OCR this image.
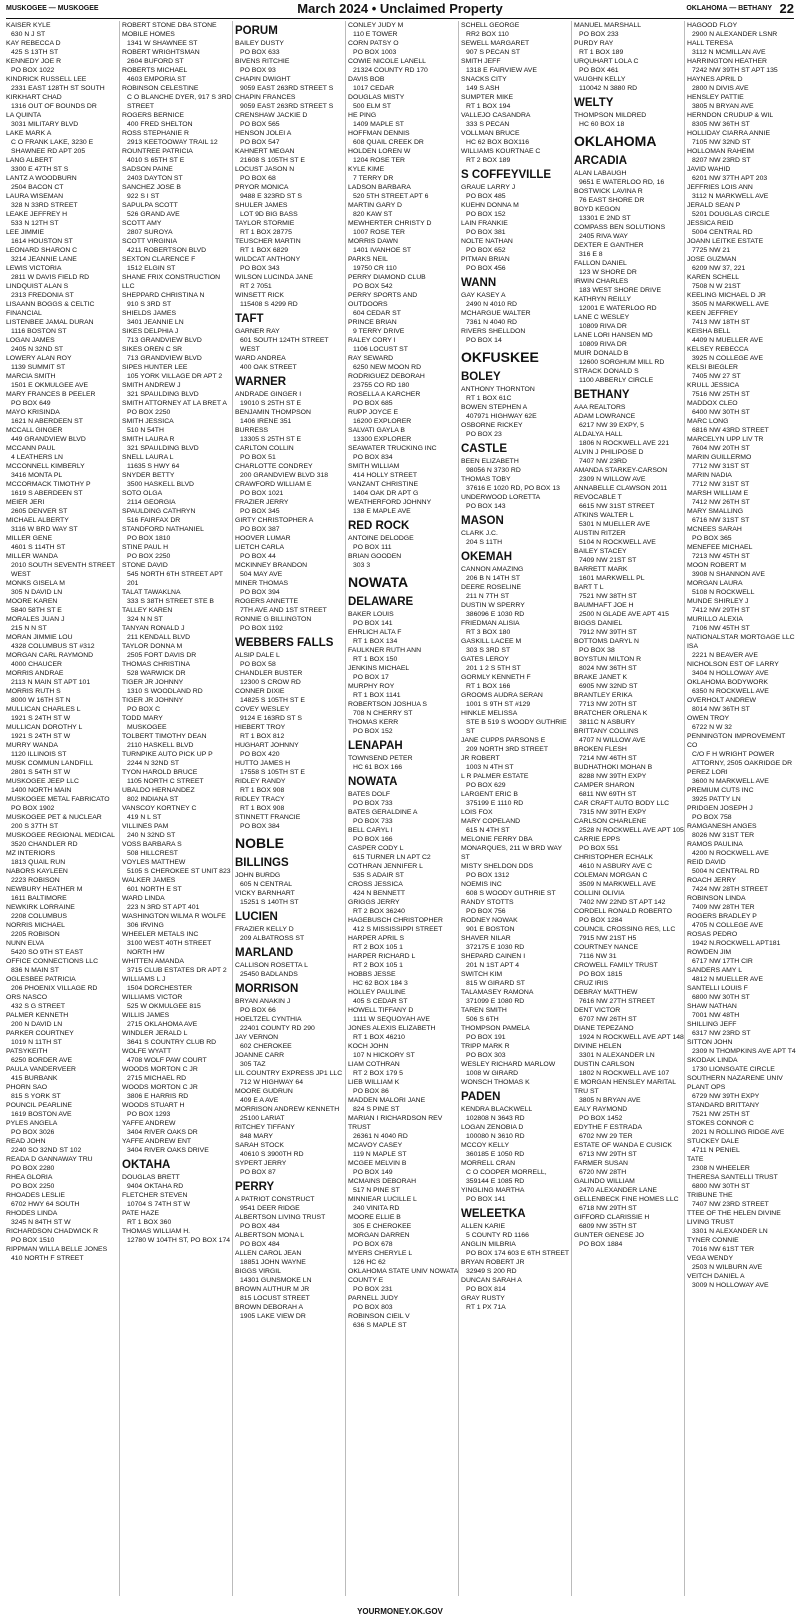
MUSKOGEE — MUSKOGEE	March 2024 • Unclaimed Property	OKLAHOMA — BETHANY 22
KAISER KYLE
630 N J ST
KAY REBECCA D
425 S 13TH ST
KENNEDY JOE R
PO BOX 1022
KINDRICK RUSSELL LEE
2331 EAST 128TH ST SOUTH
KIRKHART CHAD
1316 OUT OF BOUNDS DR
LA QUINTA
3031 MILITARY BLVD
LAKE MARK A
C O FRANK LAKE, 3230 E SHAWNEE RD APT 205
LANG ALBERT
3300 E 47TH ST S
LANTZ A WOODBURN
2504 BACON CT
LAURA WISEMAN
328 N 33RD STREET
LEAKE JEFFREY H
533 N 12TH ST
LEE JIMMIE
1614 HOUSTON ST
LEONARD SHARON C
3214 JEANNIE LANE
LEWIS VICTORIA
2811 W DAVIS FIELD RD
LINDQUIST ALAN S
2313 FREDONIA ST
LISAANN BOGGS & CELTIC FINANCIAL
LISTENBEE JAMAL DURAN
1116 BOSTON ST
LOGAN JAMES
2405 N 32ND ST
LOWERY ALAN ROY
1139 SUMMIT ST
MARCIA SMITH
1501 E OKMULGEE AVE
MARY FRANCES B PEELER
PO BOX 649
MAYO KRISINDA
1621 N ABERDEEN ST
MCCALL GINGER
449 GRANDVIEW BLVD
MCCANN PAUL
4 LEATHERS LN
MCCONNELL KIMBERLY
3416 MONTA PL
MCCORMACK TIMOTHY P
1619 S ABERDEEN ST
MEIER JERI
2605 DENVER ST
MICHAEL ALBERTY
3116 W BRD WAY ST
MILLER GENE
4601 S 114TH ST
MILLER WANDA
2010 SOUTH SEVENTH STREET WEST
MONKS GISELA M
305 N DAVID LN
MOORE KAREN
5840 58TH ST E
MORALES JUAN J
215 N N ST
MORAN JIMMIE LOU
4328 COLUMBUS ST #312
MORGAN CARL RAYMOND
4000 CHAUCER
MORRIS ANDRAE
2113 N MAIN ST APT 101
MORRIS RUTH S
8000 W 16TH ST N
MULLICAN CHARLES L
1921 S 24TH ST W
MULLICAN DOROTHY L
1921 S 24TH ST W
MURRY WANDA
1120 ILLINOIS ST
MUSK COMMUN LANDFILL
2801 S 54TH ST W
MUSKOGEE JEEP LLC
1400 NORTH MAIN
MUSKOGEE METAL FABRICATO
PO BOX 1902
MUSKOGEE PET & NUCLEAR
200 S 37TH ST
MUSKOGEE REGIONAL MEDICAL
3520 CHANDLER RD
MZ INTERIORS
1813 QUAIL RUN
NABORS KAYLEEN
2223 ROBISON
NEWBURY HEATHER M
1611 BALTIMORE
NEWKIRK LORRAINE
2208 COLUMBUS
NORRIS MICHAEL
2205 ROBISON
NUNN ELVA
5420 SO 9TH ST EAST
OFFICE CONNECTIONS LLC
836 N MAIN ST
OGLESBEE PATRICIA
206 PHOENIX VILLAGE RD
ORS NASCO
432 S G STREET
PALMER KENNETH
200 N DAVID LN
PARKER COURTNEY
1019 N 11TH ST
PATSYKEITH
6250 BORDER AVE
PAULA VANDERVEER
415 BURBANK
PHORN SAO
815 S YORK ST
POUNCIL PEARLINE
1619 BOSTON AVE
PYLES ANGELA
PO BOX 3026
READ JOHN
2240 SO 32ND ST 102
READA D GANNAWAY TRU
PO BOX 2280
RHEA GLORIA
PO BOX 2250
RHOADES LESLIE
6702 HWY 64 SOUTH
RHODES LINDA
3245 N 84TH ST W
RICHARDSON CHADWICK R
PO BOX 1510
RIPPMAN WILLA BELLE JONES
410 NORTH F STREET
ROBERT STONE DBA STONE MOBILE HOMES
1341 W SHAWNEE ST
ROBERT WRIGHTSMAN
2604 BUFORD ST
ROBERTS MICHAEL
4603 EMPORIA ST
ROBINSON CELESTINE
C O BLANCHE DYER, 917 S 3RD STREET
ROGERS BERNICE
400 FRED SHELTON
ROSS STEPHANIE R
2913 KEETOOWAY TRAIL 12
ROUNTREE PATRICIA
4010 S 65TH ST E
SADSON PAINE
2403 DAYTON ST
SANCHEZ JOSE B
922 S I ST
SAPULPA SCOTT
526 GRAND AVE
SCOTT AMY
2807 SUROYA
SCOTT VIRGINIA
4211 ROBERTSON BLVD
SEXTON CLARENCE F
1512 ELGIN ST
SHANE FRIX CONSTRUCTION LLC
SHEPPARD CHRISTINA N
910 S 3RD ST
SHIELDS JAMES
3401 JEANNIE LN
SIKES DELPHIA J
713 GRANDVIEW BLVD
SIKES OREN C SR
713 GRANDVIEW BLVD
SIPES HUNTER LEE
105 YORK VILLAGE DR APT 2
SMITH ANDREW J
321 SPAULDING BLVD
SMITH ATTORNEY AT LA BRET A
PO BOX 2250
SMITH JESSICA
510 N 54TH
SMITH LAURA R
321 SPAULDING BLVD
SNELL LAURA L
11635 S HWY 64
SNYDER BETTY
3500 HASKELL BLVD
SOTO OLGA
2114 GEORGIA
SPAULDING CATHRYN
516 FAIRFAX DR
STANDFORD NATHANIEL
PO BOX 1810
STINE PAUL H
PO BOX 2250
STONE DAVID
545 NORTH 6TH STREET APT 201
TALAT TAWAKLNA
333 S 38TH STREET STE B
TALLEY KAREN
324 N N ST
TANYAN RONALD J
211 KENDALL BLVD
TAYLOR DONNA M
2505 FORT DAVIS DR
THOMAS CHRISTINA
528 WARWICK DR
TIGER JR JOHNNY
1310 S WOODLAND RD
TIGER JR JOHNNY
PO BOX C
TODD MARY
MUSKOGEE
TOLBERT TIMOTHY DEAN
2110 HASKELL BLVD
TURNPIKE AUTO PICK UP P
2244 N 32ND ST
TYON HAROLD BRUCE
1105 NORTH C STREET
UBALDO HERNANDEZ
802 INDIANA ST
VANSCOY KORTNEY C
419 N L ST
VILLINES PAM
240 N 32ND ST
VOSS BARBARA S
508 HILLCREST
VOYLES MATTHEW
5105 S CHEROKEE ST UNIT 823
WALKER JAMES
601 NORTH E ST
WARD LINDA
223 N 3RD ST APT 401
WASHINGTON WILMA R WOLFE
306 IRVING
WHEELER METALS INC
3100 WEST 40TH STREET NORTH HW
WHITTEN AMANDA
3715 CLUB ESTATES DR APT 2
WILLIAMS L J
1504 DORCHESTER
WILLIAMS VICTOR
525 W OKMULGEE 815
WILLIS JAMES
2715 OKLAHOMA AVE
WINDLER JERALD L
3641 S COUNTRY CLUB RD
WOLFE WYATT
4708 WOLF PAW COURT
WOODS MORTON C JR
2715 MICHAEL RD
WOODS MORTON C JR
3806 E HARRIS RD
WOODS STUART H
PO BOX 1293
YAFFE ANDREW
3404 RIVER OAKS DR
YAFFE ANDREW ENT
3404 RIVER OAKS DRIVE
OKTAHA
DOUGLAS BRETT
9404 OKTAHA RD
FLETCHER STEVEN
10704 S 74TH ST W
PATE HAZE
RT 1 BOX 360
THOMAS WILLIAM H.
12780 W 104TH ST, PO BOX 174
PORUM
BAILEY DUSTY
PO BOX 633
BIVENS RITCHIE
PO BOX 93
CHAPIN DWIGHT
9059 EAST 263RD STREET S
CHAPIN FRANCES
9059 EAST 263RD STREET S
CRENSHAW JACKIE D
PO BOX 565
HENSON JOLEI A
PO BOX 547
KAHNERT MEGAN
21608 S 105TH ST E
LOCUST JASON N
PO BOX 68
PRYOR MONICA
9488 E 323RD ST S
SHULER JAMES
LOT 9D BIG BASS
TAYLOR STORMIE
RT 1 BOX 28775
TEUSCHER MARTIN
RT 1 BOX 6829
WILDCAT ANTHONY
PO BOX 343
WILSON LUCINDA JANE
RT 2 7051
WINSETT RICK
115408 S 4299 RD
TAFT
GARNER RAY
601 SOUTH 124TH STREET WEST
WARD ANDREA
400 OAK STREET
WARNER
ANDRADE GINGER I
19010 S 25TH ST E
BENJAMIN THOMPSON
1406 IRENE 351
BURRESS
13305 S 25TH ST E
CARLTON COLLIN
PO BOX 51
CHARLOTTE CONDREY
200 GRANDVIEW BLVD 318
CRAWFORD WILLIAM E
PO BOX 1021
FRAZIER JERRY
PO BOX 345
GIRTY CHRISTOPHER A
PO BOX 387
HOOVER LUMAR
LIETCH CARLA
PO BOX 44
MCKINNEY BRANDON
504 MAY AVE
MINER THOMAS
PO BOX 394
ROGERS ANNETTE
7TH AVE AND 1ST STREET
RONNIE G BILLINGTON
PO BOX 1192
WEBBERS FALLS
ALSIP DALE L
PO BOX 58
CHANDLER BUSTER
12300 S CROW RD
CONNER DIXIE
14825 S 105TH ST E
COVEY WESLEY
9124 E 163RD ST S
HIEBERT TROY
RT 1 BOX 812
HUGHART JOHNNY
PO BOX 420
HUTTO JAMES H
17558 S 105TH ST E
RIDLEY RANDY
RT 1 BOX 908
RIDLEY TRACY
RT 1 BOX 908
STINNETT FRANCIE
PO BOX 384
NOBLE
BILLINGS
JOHN BURDG
605 N CENTRAL
VICKY BARNHART
15251 S 140TH ST
LUCIEN
FRAZIER KELLY D
209 ALBATROSS ST
MARLAND
CALLISON ROSETTA L
25450 BADLANDS
MORRISON
BRYAN ANAKIN J
PO BOX 66
HOELTZEL CYNTHIA
22401 COUNTY RD 290
JAY VERNON
602 CHEROKEE
JOANNE CARR
305 TAZ
LIL COUNTRY EXPRESS JP1 LLC
712 W HIGHWAY 64
MOORE GUDRUN
409 E A AVE
MORRISON ANDREW KENNETH
25100 LARIAT
RITCHEY TIFFANY
848 MARY
SARAH STOCK
40610 S 3900TH RD
SYPERT JERRY
PO BOX 87
PERRY
A PATRIOT CONSTRUCT
9541 DEER RIDGE
ALBERTSON LIVING TRUST
PO BOX 484
ALBERTSON MONA L
PO BOX 484
ALLEN CAROL JEAN
18851 JOHN WAYNE
BIGGS VIRGIL
14301 GUNSMOKE LN
BROWN AUTHUR M JR
815 LOCUST STREET
BROWN DEBORAH A
1905 LAKE VIEW DR
CONLEY JUDY M
110 E TOWER
CORN PATSY O
PO BOX 1003
COWIE NICOLE LANELL
21324 COUNTY RD 170
DAVIS BOB
1017 CEDAR
DOUGLAS MISTY
500 ELM ST
HE PING
1409 MAPLE ST
HOFFMAN DENNIS
608 QUAIL CREEK DR
HOLDEN LOREN W
1204 ROSE TER
KYLE KIME
7 TERRY DR
LADSON BARBARA
520 5TH STREET APT 6
MARTIN GARY D
820 KAW ST
MEWHERTER CHRISTY D
1007 ROSE TER
MORRIS DAWN
1401 IVANHOE ST
PARKS NEIL
19750 CR 110
PERRY DIAMOND CLUB
PO BOX 542
PERRY SPORTS AND OUTDOORS
604 CEDAR ST
PRINCE BRIAN
9 TERRY DRIVE
RALEY CORY I
1106 LOCUST ST
RAY SEWARD
6250 NEW MOON RD
RODRIGUEZ DEBORAH
23755 CO RD 180
ROSELLA A KARCHER
PO BOX 685
RUPP JOYCE E
16200 EXPLORER
SALVATI GAYLA B
13300 EXPLORER
SEAWATER TRUCKING INC
PO BOX 834
SMITH WILLIAM
414 HOLLY STREET
VANZANT CHRISTINE
1404 OAK DR APT G
WEATHERFORD JOHNNY
138 E MAPLE AVE
RED ROCK
ANTOINE DELODGE
PO BOX 111
BRIAN GOODEN
303 3
NOWATA
DELAWARE
BAKER LOUIS
PO BOX 141
EHRLICH ALTA F
RT 1 BOX 134
FAULKNER RUTH ANN
RT 1 BOX 150
JENKINS MICHAEL
PO BOX 17
MURPHY ROY
RT 1 BOX 1141
ROBERTSON JOSHUA S
708 N CHERRY ST
THOMAS KERR
PO BOX 152
LENAPAH
TOWNSEND PETER
HC 61 BOX 166
NOWATA
BATES DOLF
PO BOX 733
BATES GERALDINE A
PO BOX 733
BELL CARYL I
PO BOX 166
CASPER CODY L
615 TURNER LN APT C2
COTHRAN JENNIFER L
535 S ADAIR ST
CROSS JESSICA
424 N BENNETT
GRIGGS JERRY
RT 2 BOX 36240
HAGEBUSCH CHRISTOPHER
412 S MISSISSIPPI STREET
HARPER APRIL S
RT 2 BOX 105 1
HARPER RICHARD L
RT 2 BOX 105 1
HOBBS JESSE
HC 62 BOX 184 3
HOLLEY PAULINE
405 S CEDAR ST
HOWELL TIFFANY D
1111 W SEQUOYAH AVE
JONES ALEXIS ELIZABETH
RT 1 BOX 46210
KOCH JOHN
107 N HICKORY ST
LIAM COTHRAN
RT 2 BOX 179 5
LIEB WILLIAM K
PO BOX 86
MADDEN MALORI JANE
824 S PINE ST
MARIAN I RICHARDSON REV TRUST
26361 N 4040 RD
MCAVOY CASEY
119 N MAPLE ST
MCGEE MELVIN B
PO BOX 149
MCMAINS DEBORAH
517 N PINE ST
MINNIEAR LUCILLE L
240 VINITA RD
MOORE ELLIE B
305 E CHEROKEE
MORGAN DARREN
PO BOX 678
MYERS CHERYLE L
126 HC 62
OKLAHOMA STATE UNIV NOWATA COUNTY E
PO BOX 231
PARNELL JUDY
PO BOX 803
ROBINSON CIEIL V
636 S MAPLE ST
SCHELL GEORGE
RR2 BOX 110
SEWELL MARGARET
907 S PECAN ST
SMITH JEFF
1318 E FAIRVIEW AVE
SNACKS CITY
149 S ASH
SUMPTER MIKE
RT 1 BOX 194
VALLEJO CASANDRA
333 S PECAN
VOLLMAN BRUCE
HC 62 BOX BOX116
WILLIAMS KOURTNAE C
RT 2 BOX 189
S COFFEYVILLE
GRAUE LARRY J
PO BOX 485
KUEHN DONNA M
PO BOX 152
LAIN FRANKIE
PO BOX 381
NOLTE NATHAN
PO BOX 652
PITMAN BRIAN
PO BOX 456
WANN
GAY KASEY A
2490 N 4010 RD
MCHARGUE WALTER
7361 N 4040 RD
RIVERS SHELLDON
PO BOX 14
OKFUSKEE
BOLEY
ANTHONY THORNTON
RT 1 BOX 61C
BOWEN STEPHEN A
407971 HIGHWAY 62E
OSBORNE RICKEY
PO BOX 23
CASTLE
BEEN ELIZABETH
98056 N 3730 RD
THOMAS TOBY
37616 E 1020 RD, PO BOX 13
UNDERWOOD LORETTA
PO BOX 143
MASON
CLARK J.C.
204 S 11TH
OKEMAH
CANNON AMAZING
206 B N 14TH ST
DEERE ROSELINE
211 N 7TH ST
DUSTIN W SPERRY
386096 E 1030 RD
FRIEDMAN ALISIA
RT 3 BOX 180
GASKILL LACEE M
303 S 3RD ST
GATES LEROY
201 1 2 S 5TH ST
GORMLY KENNETH F
RT 1 BOX 166
GROOMS AUDRA SERAN
1001 S 9TH ST #129
HINKLE MELISSA
STE B 519 S WOODY GUTHRIE ST
JANE CUPPS PARSONS E
209 NORTH 3RD STREET
JR ROBERT
1003 N 4TH ST
L R PALMER ESTATE
PO BOX 629
LARGENT ERIC B
375199 E 1110 RD
LOIS FOX
MARY COPELAND
615 N 4TH ST
MELONIE FERRY DBA MONARQUES, 211 W BRD WAY ST
MISTY SHELDON DDS
PO BOX 1312
NOEMIS INC
608 S WOODY GUTHRIE ST
RANDY STOTTS
PO BOX 756
RODNEY NOWAK
901 E BOSTON
SHAVER NILAR
372175 E 1030 RD
SHEPARD CAINEN I
201 N 1ST APT 4
SWITCH KIM
815 W GIRARD ST
TALAMASEY RAMONA
371099 E 1080 RD
TAREN SMITH
506 S 6TH
THOMPSON PAMELA
PO BOX 191
TRIPP MARK R
PO BOX 303
WESLEY RICHARD MARLOW
1008 W GIRARD
WONSCH THOMAS K
PADEN
KENDRA BLACKWELL
102808 N 3643 RD
LOGAN ZENOBIA D
100080 N 3610 RD
MCCOY KELLY
360185 E 1050 RD
MORRELL CRAN
C O COOPER MORRELL, 359144 E 1085 RD
YINGLING MARTHA
PO BOX 141
WELEETKA
ALLEN KARIE
5 COUNTY RD 1166
ANGLIN MILBRIA
PO BOX 174 603 E 6TH STREET
BRYAN ROBERT JR
32949 S 200 RD
DUNCAN SARAH A
PO BOX 814
GRAY RUSTY
RT 1 PX 71A
MANUEL MARSHALL
PO BOX 233
PURDY RAY
RT 1 BOX 189
URQUHART LOLA C
PO BOX 461
VAUGHN KELLY
110042 N 3880 RD
WELTY
THOMPSON MILDRED
HC 60 BOX 18
OKLAHOMA
ARCADIA
ALAN LABAUGH
9651 E WATERLOO RD, 16
BOSTWICK LAVINA R
76 EAST SHORE DR
BOYD KEGON
13301 E 2ND ST
COMPASS BEN SOLUTIONS
2405 RIVA WAY
DEXTER E GANTHER
316 E 8
FALLON DANIEL
123 W SHORE DR
IRWIN CHARLES
183 WEST SHORE DRIVE
KATHRYN REILLY
12001 E WATERLOO RD
LANE C WESLEY
10809 RIVA DR
LANE LORI HANSEN MD
10809 RIVA DR
MUIR DONALD B
12600 SORGHUM MILL RD
STRACK DONALD S
1100 ABBERLY CIRCLE
BETHANY
AAA REALTORS
ADAM LOWRANCE
6217 NW 39 EXPY, 5
ALDALYA HALL
1806 N ROCKWELL AVE 221
ALVIN J PHILIPOSE D
7407 NW 23RD
AMANDA STARKEY-CARSON
2309 N WILLOW AVE
ANNABELLE CLAWSON 2011 REVOCABLE T
6615 NW 31ST STREET
ATKINS WALTER L
5301 N MUELLER AVE
AUSTIN RITZER
5104 N ROCKWELL AVE
BAILEY STACEY
7409 NW 21ST ST
BARRETT MARK
1601 MARKWELL PL
BART T L
7521 NW 38TH ST
BAUMHAFT JOE H
2500 N GLADE AVE APT 415
BIGGS DANIEL
7912 NW 39TH ST
BOTTOMS DARYL N
PO BOX 38
BOYSTUN MILTON R
8024 NW 36TH ST
BRAKE JANET K
6905 NW 32ND ST
BRANTLEY ERIKA
7713 NW 20TH ST
BRATCHER ORLENA K
3811C N ASBURY
BRITTANY COLLINS
4707 N WILLOW AVE
BROKEN FLESH
7214 NW 46TH ST
BUDHATHOKI MOHAN B
8288 NW 39TH EXPY
CAMPER SHARON
6811 NW 69TH ST
CAR CRAFT AUTO BODY LLC
7315 NW 39TH EXPY
CARLSON CHARLENE
2528 N ROCKWELL AVE APT 105
CARRIE EPPS
PO BOX 551
CHRISTOPHER ECHALK
4610 N ASBURY AVE C
COLEMAN MORGAN C
3509 N MARKWELL AVE
COLLINI OLIVIA
7402 NW 22ND ST APT 142
CORDELL RONALD ROBERTO
PO BOX 1284
COUNCIL CROSSING RES, LLC
7915 NW 21ST H5
COURTNEY NANCE
7116 NW 31
CROWELL FAMILY TRUST
PO BOX 1815
CRUZ IRIS
DEBRAY MATTHEW
7616 NW 27TH STREET
DENT VICTOR
6707 NW 26TH ST
DIANE TEPEZANO
1924 N ROCKWELL AVE APT 148
DIVINE HELEN
3301 N ALEXANDER LN
DUSTIN CARLSON
1802 N ROCKWELL AVE 107
E MORGAN HENSLEY MARITAL TRU ST
3805 N BRYAN AVE
EALY RAYMOND
PO BOX 1452
EDYTHE F ESTRADA
6702 NW 29 TER
ESTATE OF WANDA E CUSICK
6713 NW 29TH ST
FARMER SUSAN
6720 NW 28TH
GALINDO WILLIAM
2470 ALEXANDER LANE
GELLENBECK FINE HOMES LLC
6718 NW 29TH ST
GIFFORD CLARISSIE H
6809 NW 35TH ST
GUNTER GENESE JO
PO BOX 1884
HAGOOD FLOY
2900 N ALEXANDER LSNR
HALL TERESA
3112 N MCMILLAN AVE
HARRINGTON HEATHER
7242 NW 39TH ST APT 135
HAYNES APRIL D
2800 N DIVIS AVE
HENSLEY PATTIE
3805 N BRYAN AVE
HERNDON CRUDUP & WIL
8305 NW 36TH ST
HOLLIDAY CIARRA ANNIE
7105 NW 32ND ST
HOLLOMAN RAHEIM
8207 NW 23RD ST
JAVID WAHID
6201 NW 37TH APT 203
JEFFRIES LOIS ANN
3112 N MARKWELL AVE
JERALD SEAN P
5201 DOUGLAS CIRCLE
JESSICA REID
5004 CENTRAL RD
JOANN LEITKE ESTATE
7725 NW 21
JOSE GUZMAN
6209 NW 37, 221
KAREN SCHELL
7508 N W 21ST
KEELING MICHAEL D JR
3505 N MARKWELL AVE
KEEN JEFFREY
7413 NW 18TH ST
KEISHA BELL
4409 N MUELLER AVE
KELSEY REBECCA
3925 N COLLEGE AVE
KELSI BIEGLER
7405 NW 27 ST
KRULL JESSICA
7516 NW 25TH ST
MADDOX CLEO
6400 NW 30TH ST
MARC LONG
6816 NW 43RD STREET
MARCELYN UPP LIV TR
7604 NW 20TH ST
MARIN GUILLERMO
7712 NW 31ST ST
MARIN NADIA
7712 NW 31ST ST
MARSH WILLIAM E
7412 NW 26TH ST
MARY SMALLING
6716 NW 31ST ST
MCNEES SARAH
PO BOX 365
MENEFEE MICHAEL
7213 NW 45TH ST
MOON ROBERT M
3908 N SHANNON AVE
MORGAN LAURA
5108 N ROCKWELL
MUNDE SHIRLEY J
7412 NW 29TH ST
MURILLO ALEXIA
7106 NW 45TH ST
NATIONALSTAR MORTGAGE LLC ISA
2221 N BEAVER AVE
NICHOLSON EST OF LARRY
3404 N HOLLOWAY AVE
OKLAHOMA BODYWORK
6350 N ROCKWELL AVE
OVERHOLT ANDREW
8014 NW 36TH ST
OWEN TROY
6722 N W 32
PENNINGTON IMPROVEMENT CO
C/O F H WRIGHT POWER ATTORNY, 2505 OAKRIDGE DR
PEREZ LORI
3600 N MARKWELL AVE
PREMIUM CUTS INC
3925 PATTY LN
PRIDGEN JOSEPH J
PO BOX 758
RAMGANESH ANGES
8026 NW 31ST TER
RAMOS PAULINA
4200 N ROCKWELL AVE
REID DAVID
5004 N CENTRAL RD
ROACH JERRY
7424 NW 28TH STREET
ROBINSON LINDA
7409 NW 28TH TER
ROGERS BRADLEY P
4705 N COLLEGE AVE
ROSAS PEDRO
1942 N.ROCKWELL APT181
ROWDEN JIM
6717 NW 17TH CIR
SANDERS AMY L
4812 N MUELLER AVE
SANTELLI LOUIS F
6800 NW 30TH ST
SHAW NATHAN
7001 NW 48TH
SHILLING JEFF
6317 NW 23RD ST
SITTON JOHN
2309 N THOMPKINS AVE APT T4
SKODAK LINDA
1730 LIONSGATE CIRCLE
SOUTHERN NAZARENE UNIV PLANT OPS
6729 NW 39TH EXPY
STANDARD BRITTANY
7521 NW 25TH ST
STOKES CONNOR C
2021 N ROLLING RIDGE AVE
STUCKEY DALE
4711 N PENIEL
TATE
2308 N WHEELER
THERESA SANTELLI TRUST
6800 NW 30TH ST
TRIBUNE THE
7407 NW 23RD STREET
TTEE OF THE HELEN DIVINE LIVING TRUST
3301 N ALEXANDER LN
TYNER CONNIE
7016 NW 61ST TER
VEGA WENDY
2503 N WILBURN AVE
VEITCH DANIEL A
3009 N HOLLOWAY AVE
YOURMONEY.OK.GOV
